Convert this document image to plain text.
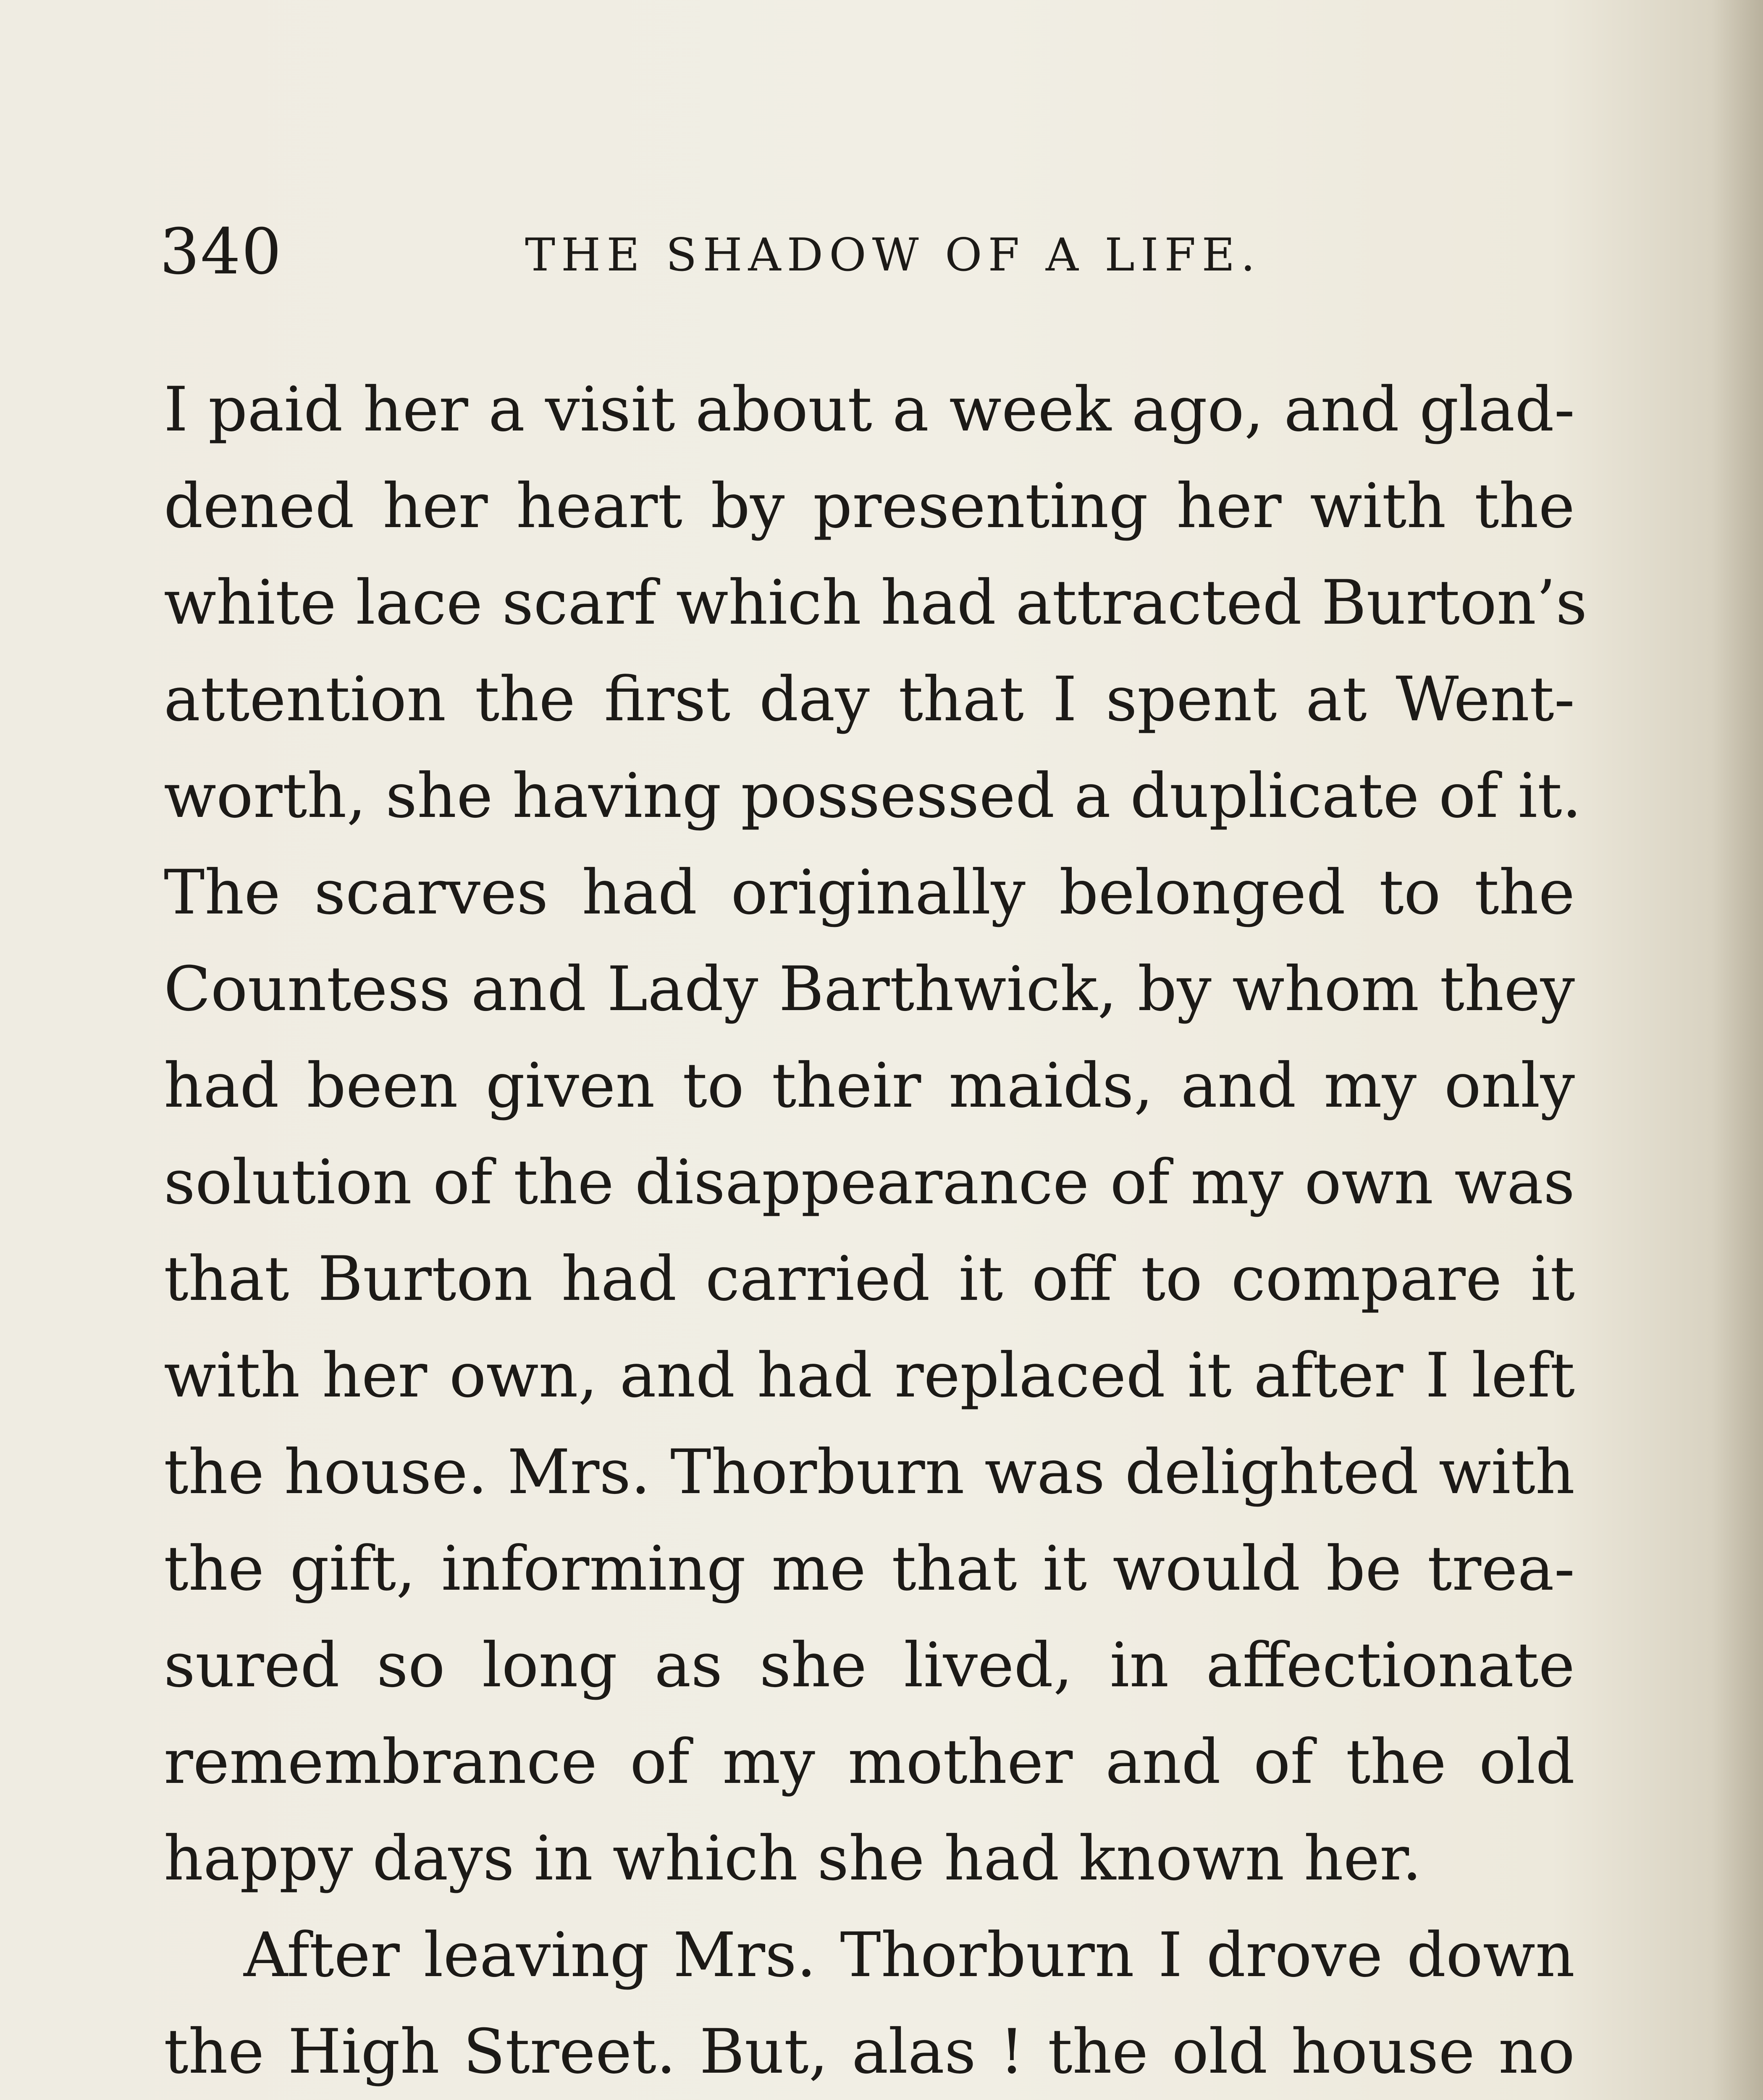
340	THE SHADOW OF A LIFE.
I paid her a visit about a week ago, and glad-
dened her heart by presenting her with the
white lace scarf which had attracted Burton’s
attention the first day that I spent at Went-
worth, she having possessed a duplicate of it.
The scarves had originally belonged to the
Countess and Lady Barthwick, by whom they
had been given to their maids, and my only
solution of the disappearance of my own was
that Burton had carried it off to compare it
with her own, and had replaced it after I left
the house. Mrs. Thorburn was delighted with
the gift, informing me that it would be trea-
sured so long as she lived, in affectionate
remembrance of my mother and of the old
happy days in which she had known her.
After leaving Mrs. Thorburn I drove down
the High Street. But, alas ! the old house no
